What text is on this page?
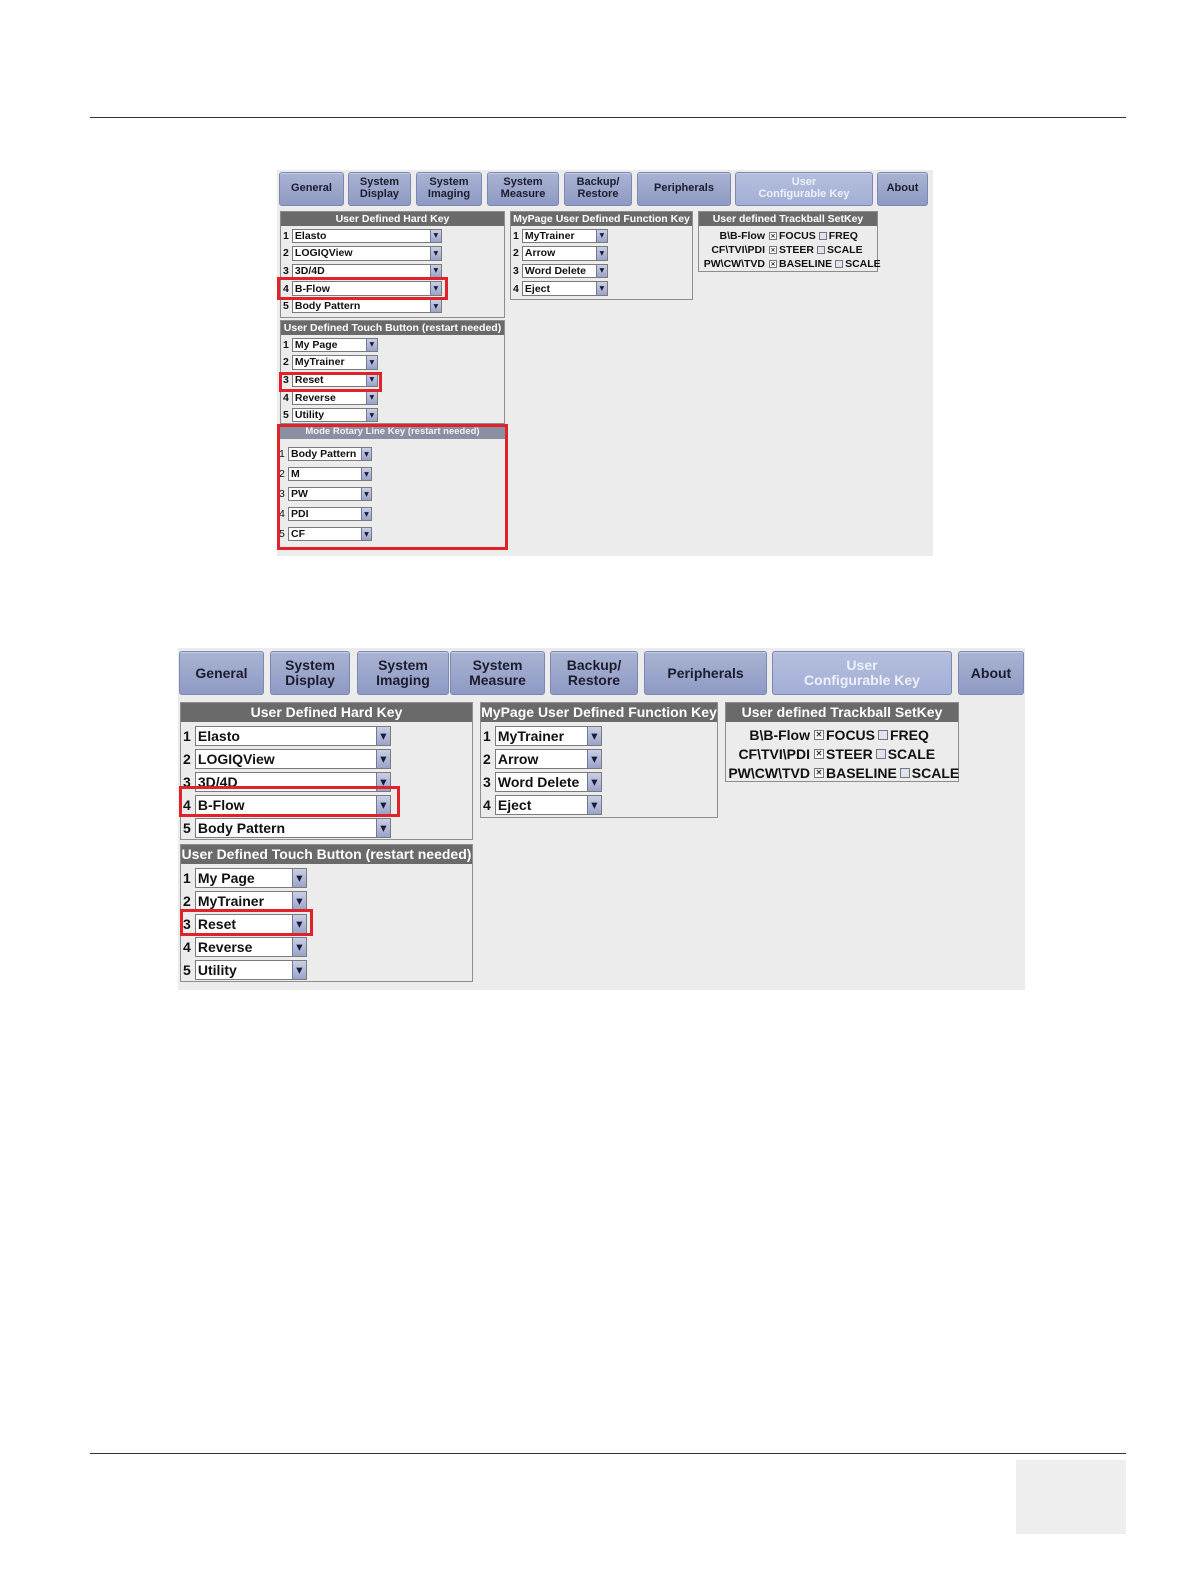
General	System
Display
System
Imaging
System
Measure
Backup/
Restore	Peripherals	User
Configurable Key	About
User Defined Hard Key
1 Elasto	▾
2 LOGIQView	▾
3 3D/4D	▾
4 B-Flow	▾
5 Body Pattern	▾
MyPage User Defined Function Key
1 MyTrainer	▾
2 Arrow	▾
3 Word Delete	▾
4 Eject	▾
User Defined Touch Button (restart needed)
1 My Page	▾
2 MyTrainer	▾
3 Reset	▾
4 Reverse	▾
5 Utility	▾
User defined Trackball SetKey
B\B-Flow ✕ FOCUS FREQ
CF\TVI\PDI ✕ STEER SCALE
PW\CW\TVD ✕ BASELINE SCALE
Mode Rotary Line Key (restart needed)
1 Body Pattern ▾
2 M	▾
3 PW	▾
4 PDI	▾
5 CF	▾
General	System
Display
System
Imaging
System
Measure
Backup/
Restore	Peripherals	User
Configurable Key	About
User Defined Hard Key
1 Elasto	▾
2 LOGIQView	▾
3 3D/4D	▾
4 B-Flow	▾
5 Body Pattern	▾
MyPage User Defined Function Key
1 MyTrainer	▾
2 Arrow	▾
3 Word Delete ▾
4 Eject	▾
User Defined Touch Button (restart needed)
1 My Page	▾
2 MyTrainer	▾
3 Reset	▾
4 Reverse	▾
5 Utility	▾
User defined Trackball SetKey
B\B-Flow ✕ FOCUS FREQ
CF\TVI\PDI ✕ STEER SCALE
PW\CW\TVD ✕ BASELINE SCALE
